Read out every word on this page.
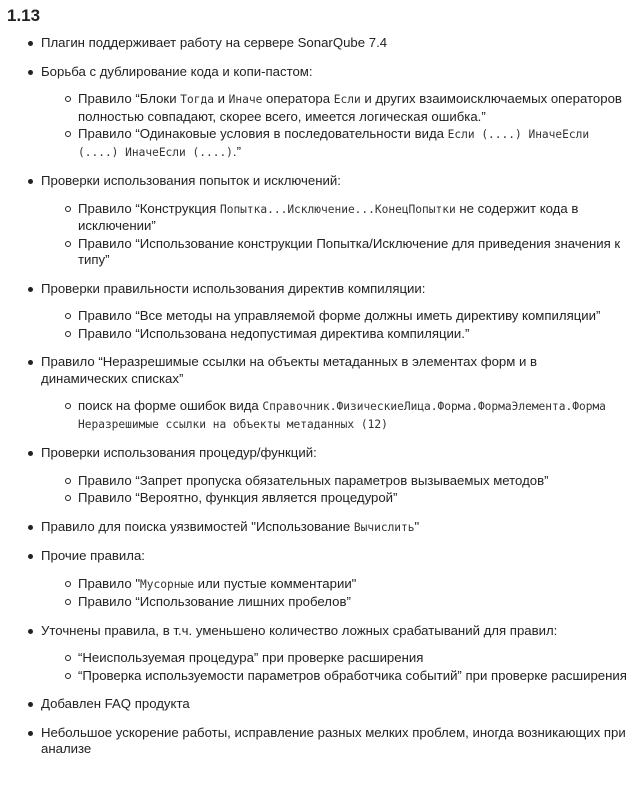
1.13
Плагин поддерживает работу на сервере SonarQube 7.4
Борьба с дублирование кода и копи-пастом:
Правило “Блоки Тогда и Иначе оператора Если и других взаимоисключаемых операторов полностью совпадают, скорее всего, имеется логическая ошибка.”
Правило “Одинаковые условия в последовательности вида Если (....) ИначеЕсли (....) ИначеЕсли (....).”
Проверки использования попыток и исключений:
Правило “Конструкция Попытка...Исключение...КонецПопытки не содержит кода в исключении”
Правило “Использование конструкции Попытка/Исключение для приведения значения к типу”
Проверки правильности использования директив компиляции:
Правило “Все методы на управляемой форме должны иметь директиву компиляции”
Правило “Использована недопустимая директива компиляции.”
Правило “Неразрешимые ссылки на объекты метаданных в элементах форм и в динамических списках”
поиск на форме ошибок вида Справочник.ФизическиеЛица.Форма.ФормаЭлемента.Форма Неразрешимые ссылки на объекты метаданных (12)
Проверки использования процедур/функций:
Правило “Запрет пропуска обязательных параметров вызываемых методов”
Правило “Вероятно, функция является процедурой”
Правило для поиска уязвимостей "Использование Вычислить"
Прочие правила:
Правило "Мусорные или пустые комментарии"
Правило “Использование лишних пробелов”
Уточнены правила, в т.ч. уменьшено количество ложных срабатываний для правил:
“Неиспользуемая процедура” при проверке расширения
“Проверка используемости параметров обработчика событий” при проверке расширения
Добавлен FAQ продукта
Небольшое ускорение работы, исправление разных мелких проблем, иногда возникающих при анализе
